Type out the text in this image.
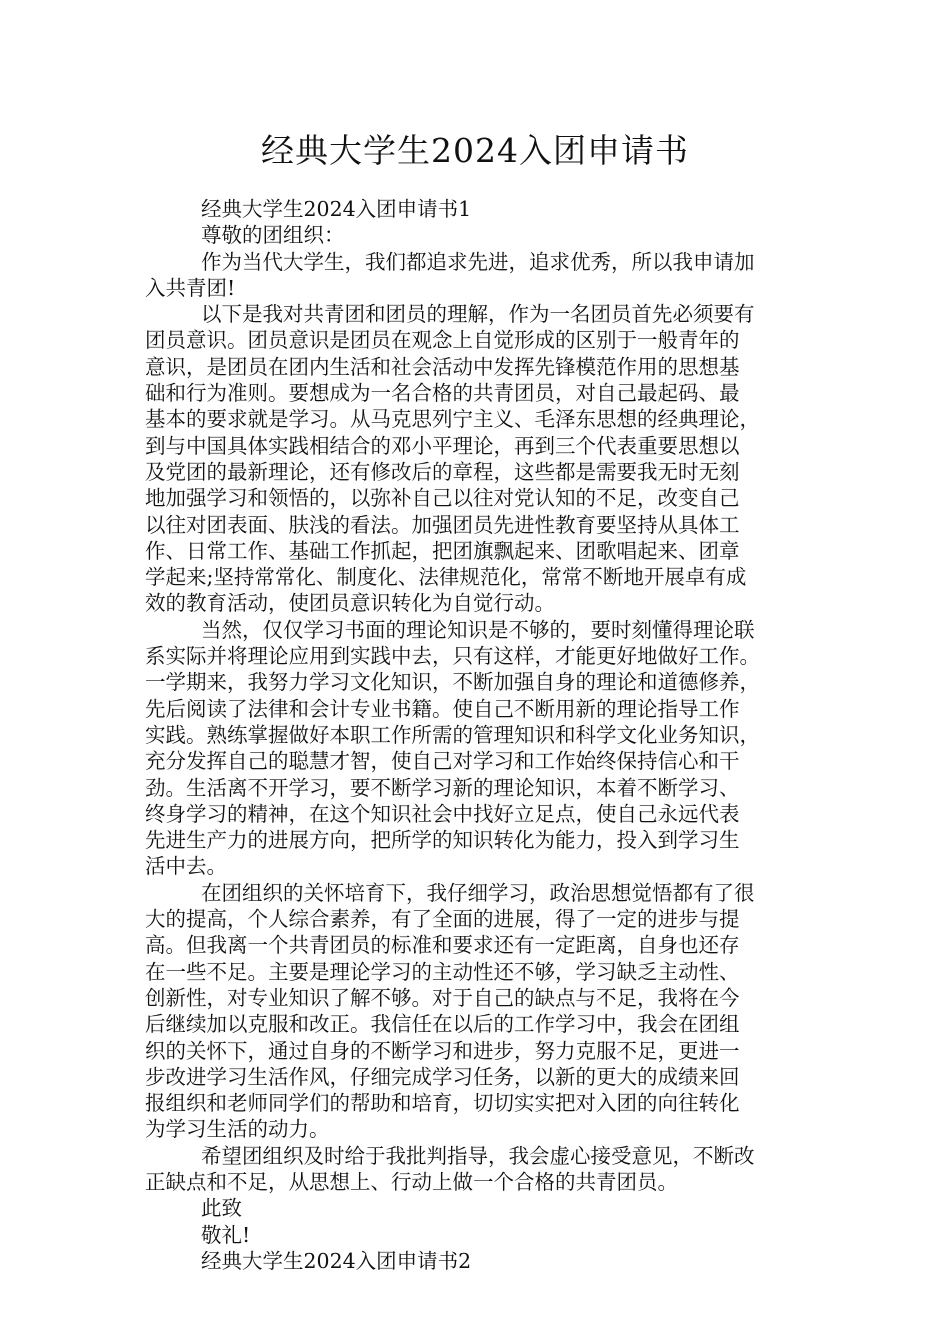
经典大学生2024入团申请书
经典大学生2024入团申请书1
尊敬的团组织：
作为当代大学生，我们都追求先进，追求优秀，所以我申请加
入共青团!
以下是我对共青团和团员的理解，作为一名团员首先必须要有
团员意识。团员意识是团员在观念上自觉形成的区别于一般青年的
意识，是团员在团内生活和社会活动中发挥先锋模范作用的思想基
础和行为准则。要想成为一名合格的共青团员，对自己最起码、最
基本的要求就是学习。从马克思列宁主义、毛泽东思想的经典理论，
到与中国具体实践相结合的邓小平理论，再到三个代表重要思想以
及党团的最新理论，还有修改后的章程，这些都是需要我无时无刻
地加强学习和领悟的，以弥补自己以往对党认知的不足，改变自己
以往对团表面、肤浅的看法。加强团员先进性教育要坚持从具体工
作、日常工作、基础工作抓起，把团旗飘起来、团歌唱起来、团章
学起来;坚持常常化、制度化、法律规范化，常常不断地开展卓有成
效的教育活动，使团员意识转化为自觉行动。
当然，仅仅学习书面的理论知识是不够的，要时刻懂得理论联
系实际并将理论应用到实践中去，只有这样，才能更好地做好工作。
一学期来，我努力学习文化知识，不断加强自身的理论和道德修养，
先后阅读了法律和会计专业书籍。使自己不断用新的理论指导工作
实践。熟练掌握做好本职工作所需的管理知识和科学文化业务知识，
充分发挥自己的聪慧才智，使自己对学习和工作始终保持信心和干
劲。生活离不开学习，要不断学习新的理论知识，本着不断学习、
终身学习的精神，在这个知识社会中找好立足点，使自己永远代表
先进生产力的进展方向，把所学的知识转化为能力，投入到学习生
活中去。
在团组织的关怀培育下，我仔细学习，政治思想觉悟都有了很
大的提高，个人综合素养，有了全面的进展，得了一定的进步与提
高。但我离一个共青团员的标准和要求还有一定距离，自身也还存
在一些不足。主要是理论学习的主动性还不够，学习缺乏主动性、
创新性，对专业知识了解不够。对于自己的缺点与不足，我将在今
后继续加以克服和改正。我信任在以后的工作学习中，我会在团组
织的关怀下，通过自身的不断学习和进步，努力克服不足，更进一
步改进学习生活作风，仔细完成学习任务，以新的更大的成绩来回
报组织和老师同学们的帮助和培育，切切实实把对入团的向往转化
为学习生活的动力。
希望团组织及时给于我批判指导，我会虚心接受意见，不断改
正缺点和不足，从思想上、行动上做一个合格的共青团员。
此致
敬礼!
经典大学生2024入团申请书2
